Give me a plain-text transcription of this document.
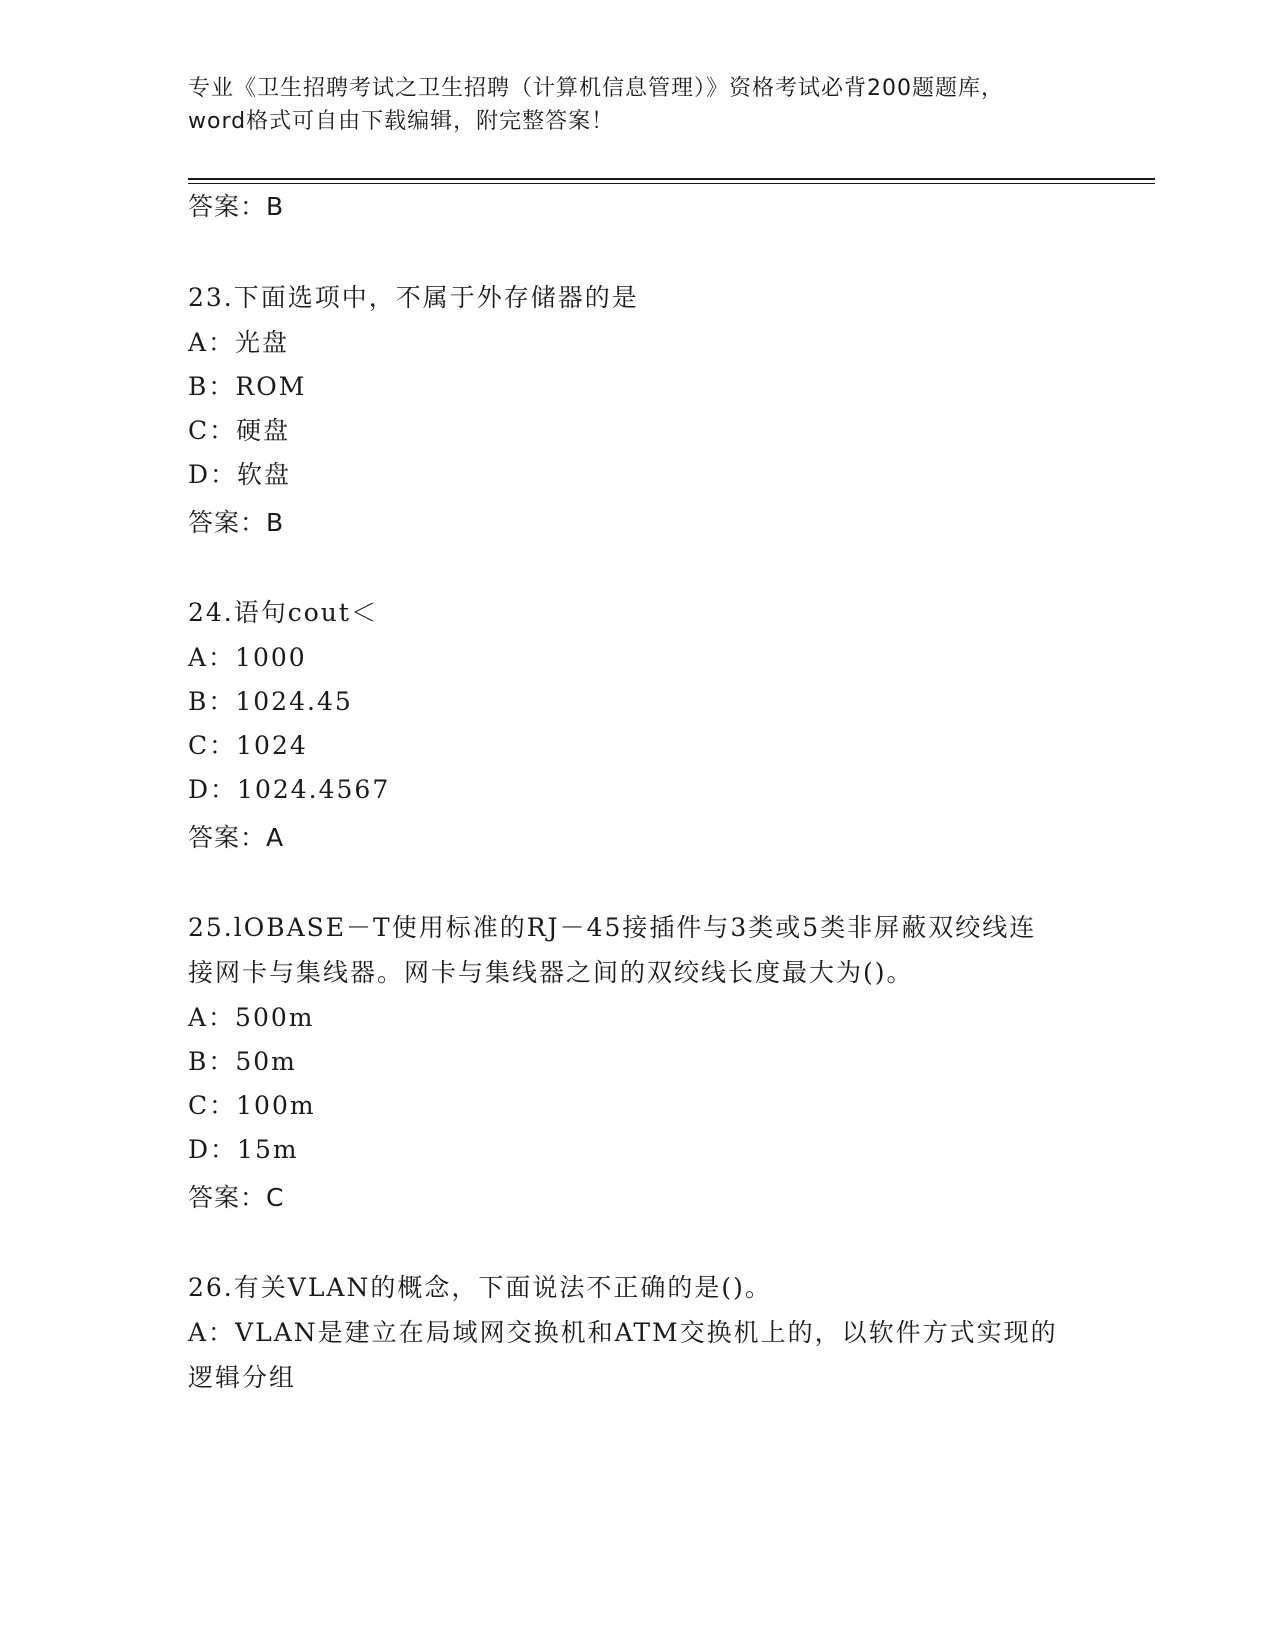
专业《卫生招聘考试之卫生招聘（计算机信息管理）》资格考试必背200题题库，
word格式可自由下载编辑，附完整答案！
答案：B
23.下面选项中，不属于外存储器的是
A：光盘
B：ROM
C：硬盘
D：软盘
答案：B
24.语句cout＜
A：1000
B：1024.45
C：1024
D：1024.4567
答案：A
25.lOBASE－T使用标准的RJ－45接插件与3类或5类非屏蔽双绞线连
接网卡与集线器。网卡与集线器之间的双绞线长度最大为()。
A：500m
B：50m
C：100m
D：15m
答案：C
26.有关VLAN的概念，下面说法不正确的是()。
A：VLAN是建立在局域网交换机和ATM交换机上的，以软件方式实现的
逻辑分组
